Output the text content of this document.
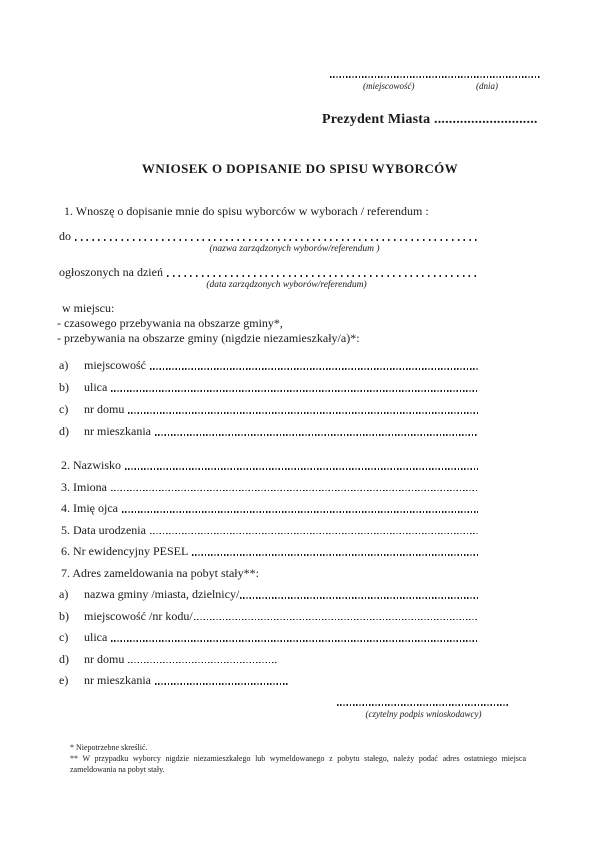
(miejscowość)	(dnia)
Prezydent Miasta ............................
WNIOSEK O DOPISANIE DO SPISU WYBORCÓW

1. Wnoszę o dopisanie mnie do spisu wyborców w wyborach / referendum :

do

(nazwa zarządzonych wyborów/referendum )

ogłoszonych na dzień

(data zarządzonych wyborów/referendum)

w miejscu:
- czasowego przebywania na obszarze gminy*,
- przebywania na obszarze gminy (nigdzie niezamieszkały/a)*:
a)	miejscowość
b)	ulica
c)	nr domu
d)	nr mieszkania
2. Nazwisko
3. Imiona
4. Imię ojca
5. Data urodzenia
6. Nr ewidencyjny PESEL
7. Adres zameldowania na pobyt stały**:
a)	nazwa gminy /miasta, dzielnicy/
b)	miejscowość /nr kodu/
c)	ulica
d)	nr domu
e)	nr mieszkania
(czytelny podpis wnioskodawcy)
* Niepotrzebne skreślić.
** W przypadku wyborcy nigdzie niezamieszkałego lub wymeldowanego z pobytu stałego, należy podać adres ostatniego miejsca zameldowania na pobyt stały.
